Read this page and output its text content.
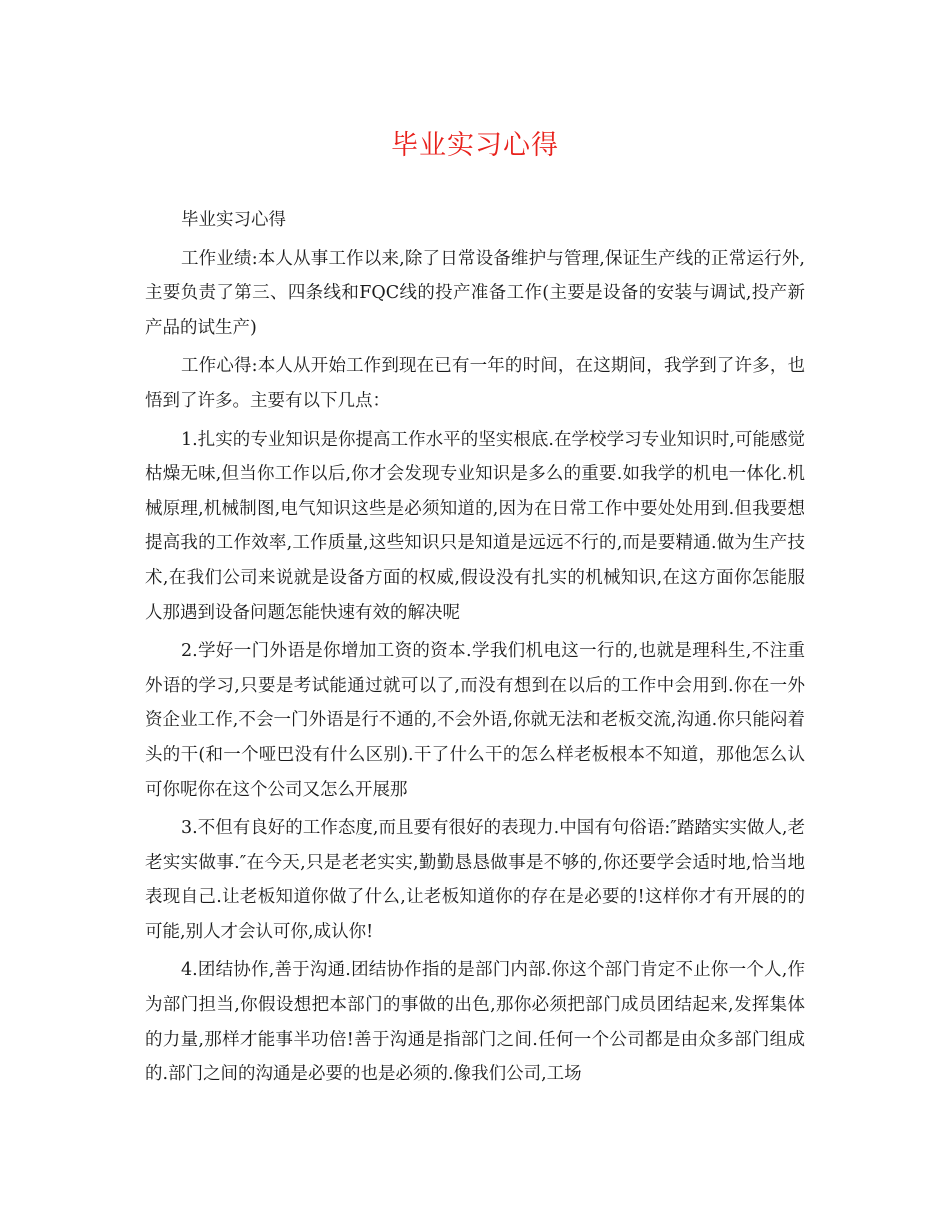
毕业实习心得

毕业实习心得

工作业绩:本人从事工作以来,除了日常设备维护与管理,保证生产线的正常运行外,主要负责了第三、四条线和FQC线的投产准备工作(主要是设备的安装与调试,投产新产品的试生产)

工作心得:本人从开始工作到现在已有一年的时间，在这期间，我学到了许多，也悟到了许多。主要有以下几点：

1.扎实的专业知识是你提高工作水平的坚实根底.在学校学习专业知识时,可能感觉枯燥无味,但当你工作以后,你才会发现专业知识是多么的重要.如我学的机电一体化.机械原理,机械制图,电气知识这些是必须知道的,因为在日常工作中要处处用到.但我要想提高我的工作效率,工作质量,这些知识只是知道是远远不行的,而是要精通.做为生产技术,在我们公司来说就是设备方面的权威,假设没有扎实的机械知识,在这方面你怎能服人那遇到设备问题怎能快速有效的解决呢

2.学好一门外语是你增加工资的资本.学我们机电这一行的,也就是理科生,不注重外语的学习,只要是考试能通过就可以了,而没有想到在以后的工作中会用到.你在一外资企业工作,不会一门外语是行不通的,不会外语,你就无法和老板交流,沟通.你只能闷着头的干(和一个哑巴没有什么区别).干了什么干的怎么样老板根本不知道，那他怎么认可你呢你在这个公司又怎么开展那

3.不但有良好的工作态度,而且要有很好的表现力.中国有句俗语:″踏踏实实做人,老老实实做事.″在今天,只是老老实实,勤勤恳恳做事是不够的,你还要学会适时地,恰当地表现自己.让老板知道你做了什么,让老板知道你的存在是必要的!这样你才有开展的的可能,别人才会认可你,成认你!

4.团结协作,善于沟通.团结协作指的是部门内部.你这个部门肯定不止你一个人,作为部门担当,你假设想把本部门的事做的出色,那你必须把部门成员团结起来,发挥集体的力量,那样才能事半功倍!善于沟通是指部门之间.任何一个公司都是由众多部门组成的.部门之间的沟通是必要的也是必须的.像我们公司,工场
